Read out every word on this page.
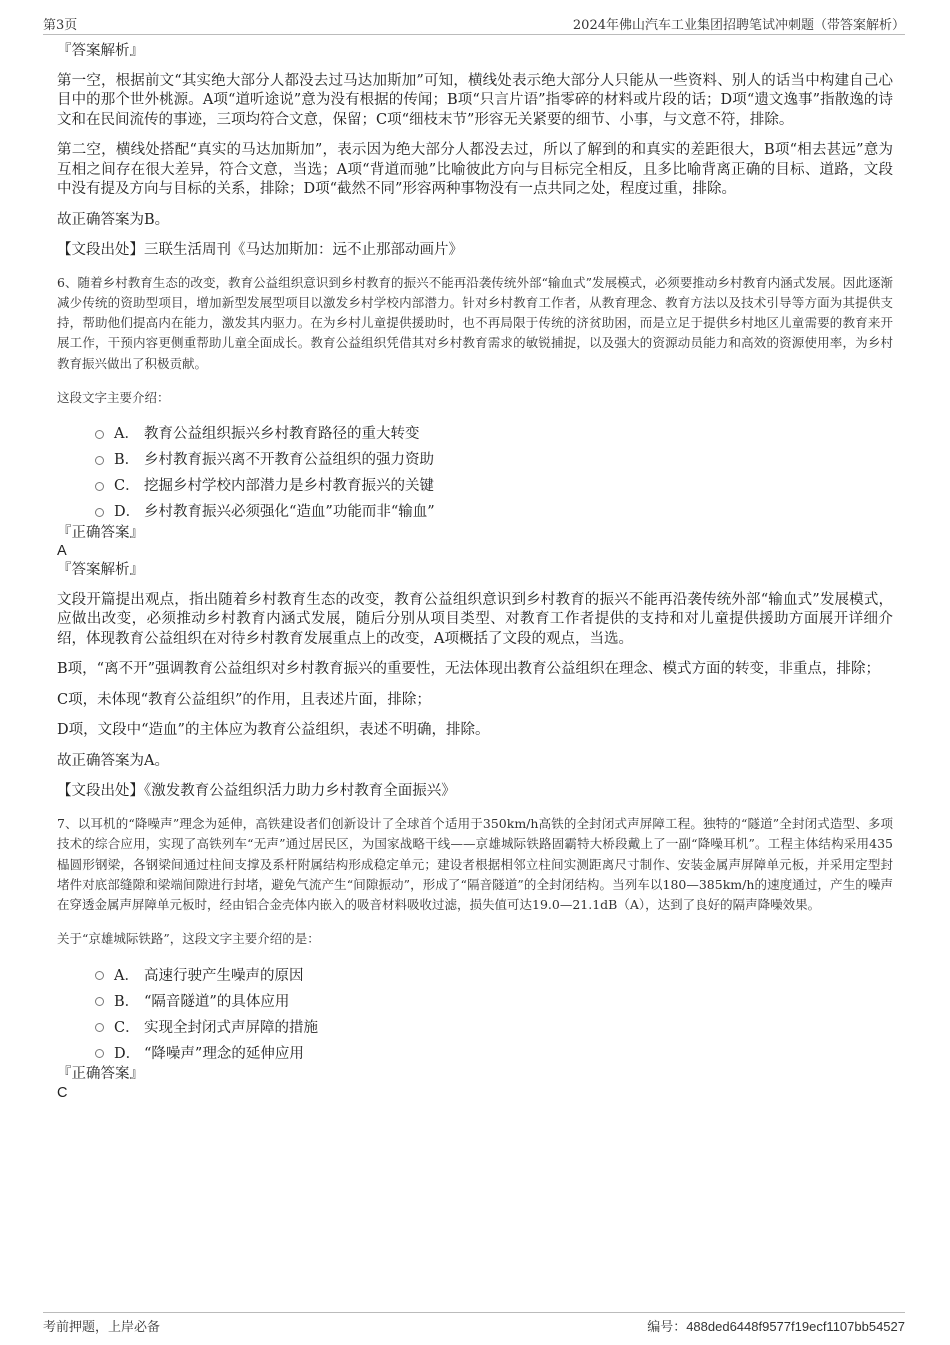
第3页	2024年佛山汽车工业集团招聘笔试冲刺题（带答案解析）

『答案解析』

第一空，根据前文“其实绝大部分人都没去过马达加斯加”可知，横线处表示绝大部分人只能从一些资料、别人的话当中构建自己心目中的那个世外桃源。A项“道听途说”意为没有根据的传闻；B项“只言片语”指零碎的材料或片段的话；D项“遗文逸事”指散逸的诗文和在民间流传的事迹，三项均符合文意，保留；C项“细枝末节”形容无关紧要的细节、小事，与文意不符，排除。

第二空，横线处搭配“真实的马达加斯加”，表示因为绝大部分人都没去过，所以了解到的和真实的差距很大，B项“相去甚远”意为互相之间存在很大差异，符合文意，当选；A项“背道而驰”比喻彼此方向与目标完全相反，且多比喻背离正确的目标、道路，文段中没有提及方向与目标的关系，排除；D项“截然不同”形容两种事物没有一点共同之处，程度过重，排除。

故正确答案为B。

【文段出处】三联生活周刊《马达加斯加：远不止那部动画片》

6、随着乡村教育生态的改变，教育公益组织意识到乡村教育的振兴不能再沿袭传统外部“输血式”发展模式，必须要推动乡村教育内涵式发展。因此逐渐减少传统的资助型项目，增加新型发展型项目以激发乡村学校内部潜力。针对乡村教育工作者，从教育理念、教育方法以及技术引导等方面为其提供支持，帮助他们提高内在能力，激发其内驱力。在为乡村儿童提供援助时，也不再局限于传统的济贫助困，而是立足于提供乡村地区儿童需要的教育来开展工作，干预内容更侧重帮助儿童全面成长。教育公益组织凭借其对乡村教育需求的敏锐捕捉，以及强大的资源动员能力和高效的资源使用率，为乡村教育振兴做出了积极贡献。

这段文字主要介绍：

A． 教育公益组织振兴乡村教育路径的重大转变
B． 乡村教育振兴离不开教育公益组织的强力资助
C． 挖掘乡村学校内部潜力是乡村教育振兴的关键
D． 乡村教育振兴必须强化“造血”功能而非“输血”

『正确答案』

A

『答案解析』

文段开篇提出观点，指出随着乡村教育生态的改变，教育公益组织意识到乡村教育的振兴不能再沿袭传统外部“输血式”发展模式，应做出改变，必须推动乡村教育内涵式发展，随后分别从项目类型、对教育工作者提供的支持和对儿童提供援助方面展开详细介绍，体现教育公益组织在对待乡村教育发展重点上的改变，A项概括了文段的观点，当选。

B项，“离不开”强调教育公益组织对乡村教育振兴的重要性，无法体现出教育公益组织在理念、模式方面的转变，非重点，排除；

C项，未体现“教育公益组织”的作用，且表述片面，排除；

D项，文段中“造血”的主体应为教育公益组织，表述不明确，排除。

故正确答案为A。

【文段出处】《激发教育公益组织活力助力乡村教育全面振兴》

7、以耳机的“降噪声”理念为延伸，高铁建设者们创新设计了全球首个适用于350km/h高铁的全封闭式声屏障工程。独特的“隧道”全封闭式造型、多项技术的综合应用，实现了高铁列车“无声”通过居民区，为国家战略干线——京雄城际铁路固霸特大桥段戴上了一副“降噪耳机”。工程主体结构采用435榀圆形钢梁，各钢梁间通过柱间支撑及系杆附属结构形成稳定单元；建设者根据相邻立柱间实测距离尺寸制作、安装金属声屏障单元板，并采用定型封堵件对底部缝隙和梁端间隙进行封堵，避免气流产生“间隙振动”，形成了“隔音隧道”的全封闭结构。当列车以180—385km/h的速度通过，产生的噪声在穿透金属声屏障单元板时，经由铝合金壳体内嵌入的吸音材料吸收过滤，损失值可达19.0—21.1dB（A），达到了良好的隔声降噪效果。

关于“京雄城际铁路”，这段文字主要介绍的是：

A． 高速行驶产生噪声的原因
B． “隔音隧道”的具体应用
C． 实现全封闭式声屏障的措施
D． “降噪声”理念的延伸应用

『正确答案』

C

考前押题，上岸必备	编号：488ded6448f9577f19ecf1107bb54527
